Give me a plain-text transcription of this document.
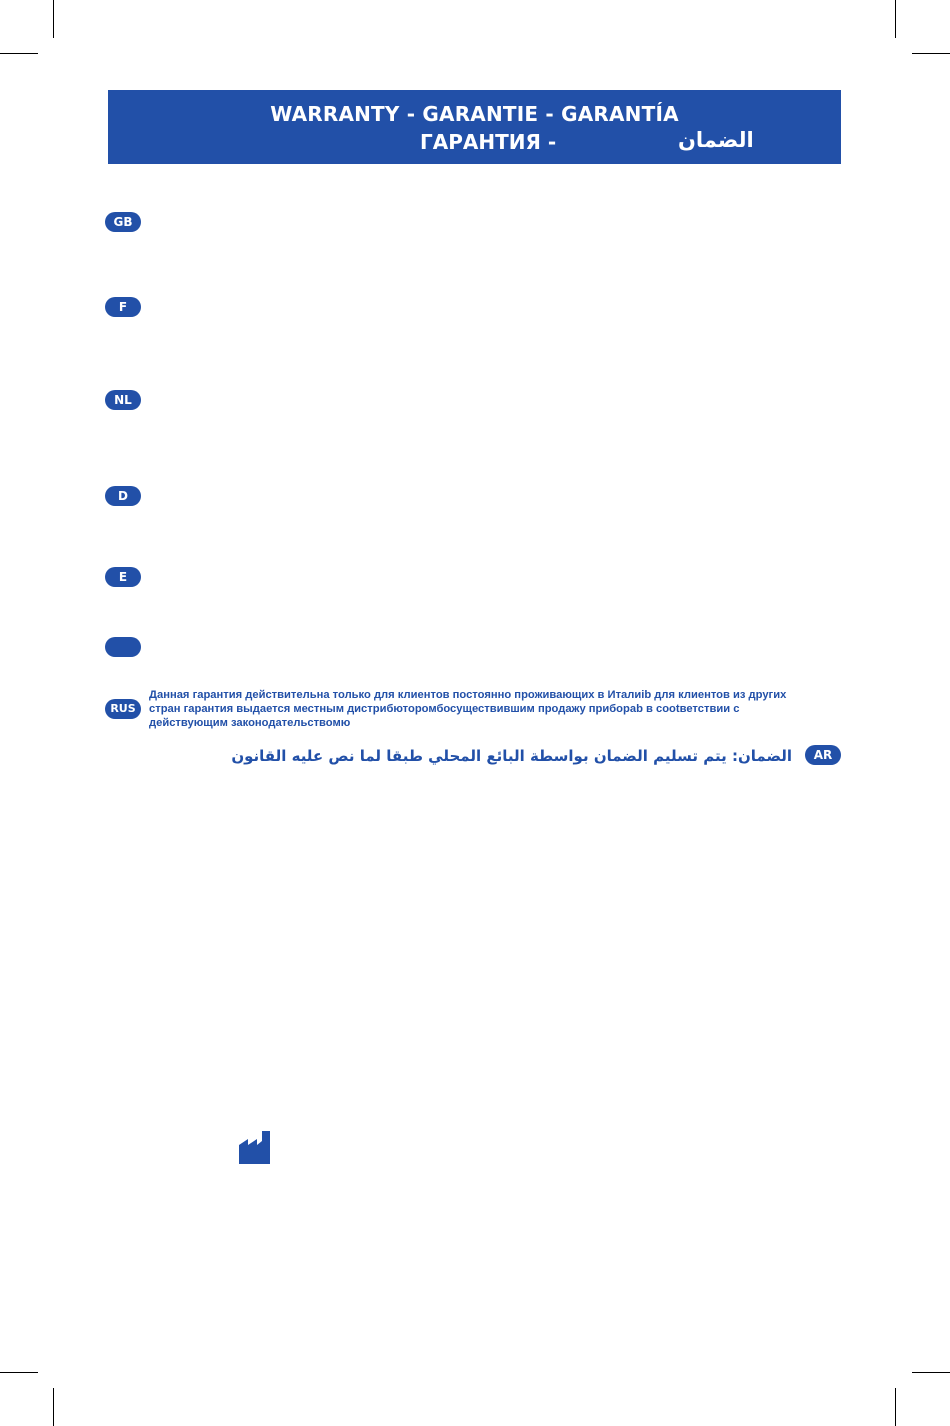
WARRANTY - GARANTIE - GARANTÍA
ГАРАНТИЯ -	الضمان
GB
F
NL
D
E
RUS
AR
Данная гарантия действительна только для клиентов постоянно проживающих в Италиib для клиентов из других
стран гарантия выдается местным дистрибюторомбосуществившим продажу прибораb в сооtветствии с
действующим законодательствомю
الضمان: يتم تسليم الضمان بواسطة البائع المحلي طبقا لما نص عليه القانون
